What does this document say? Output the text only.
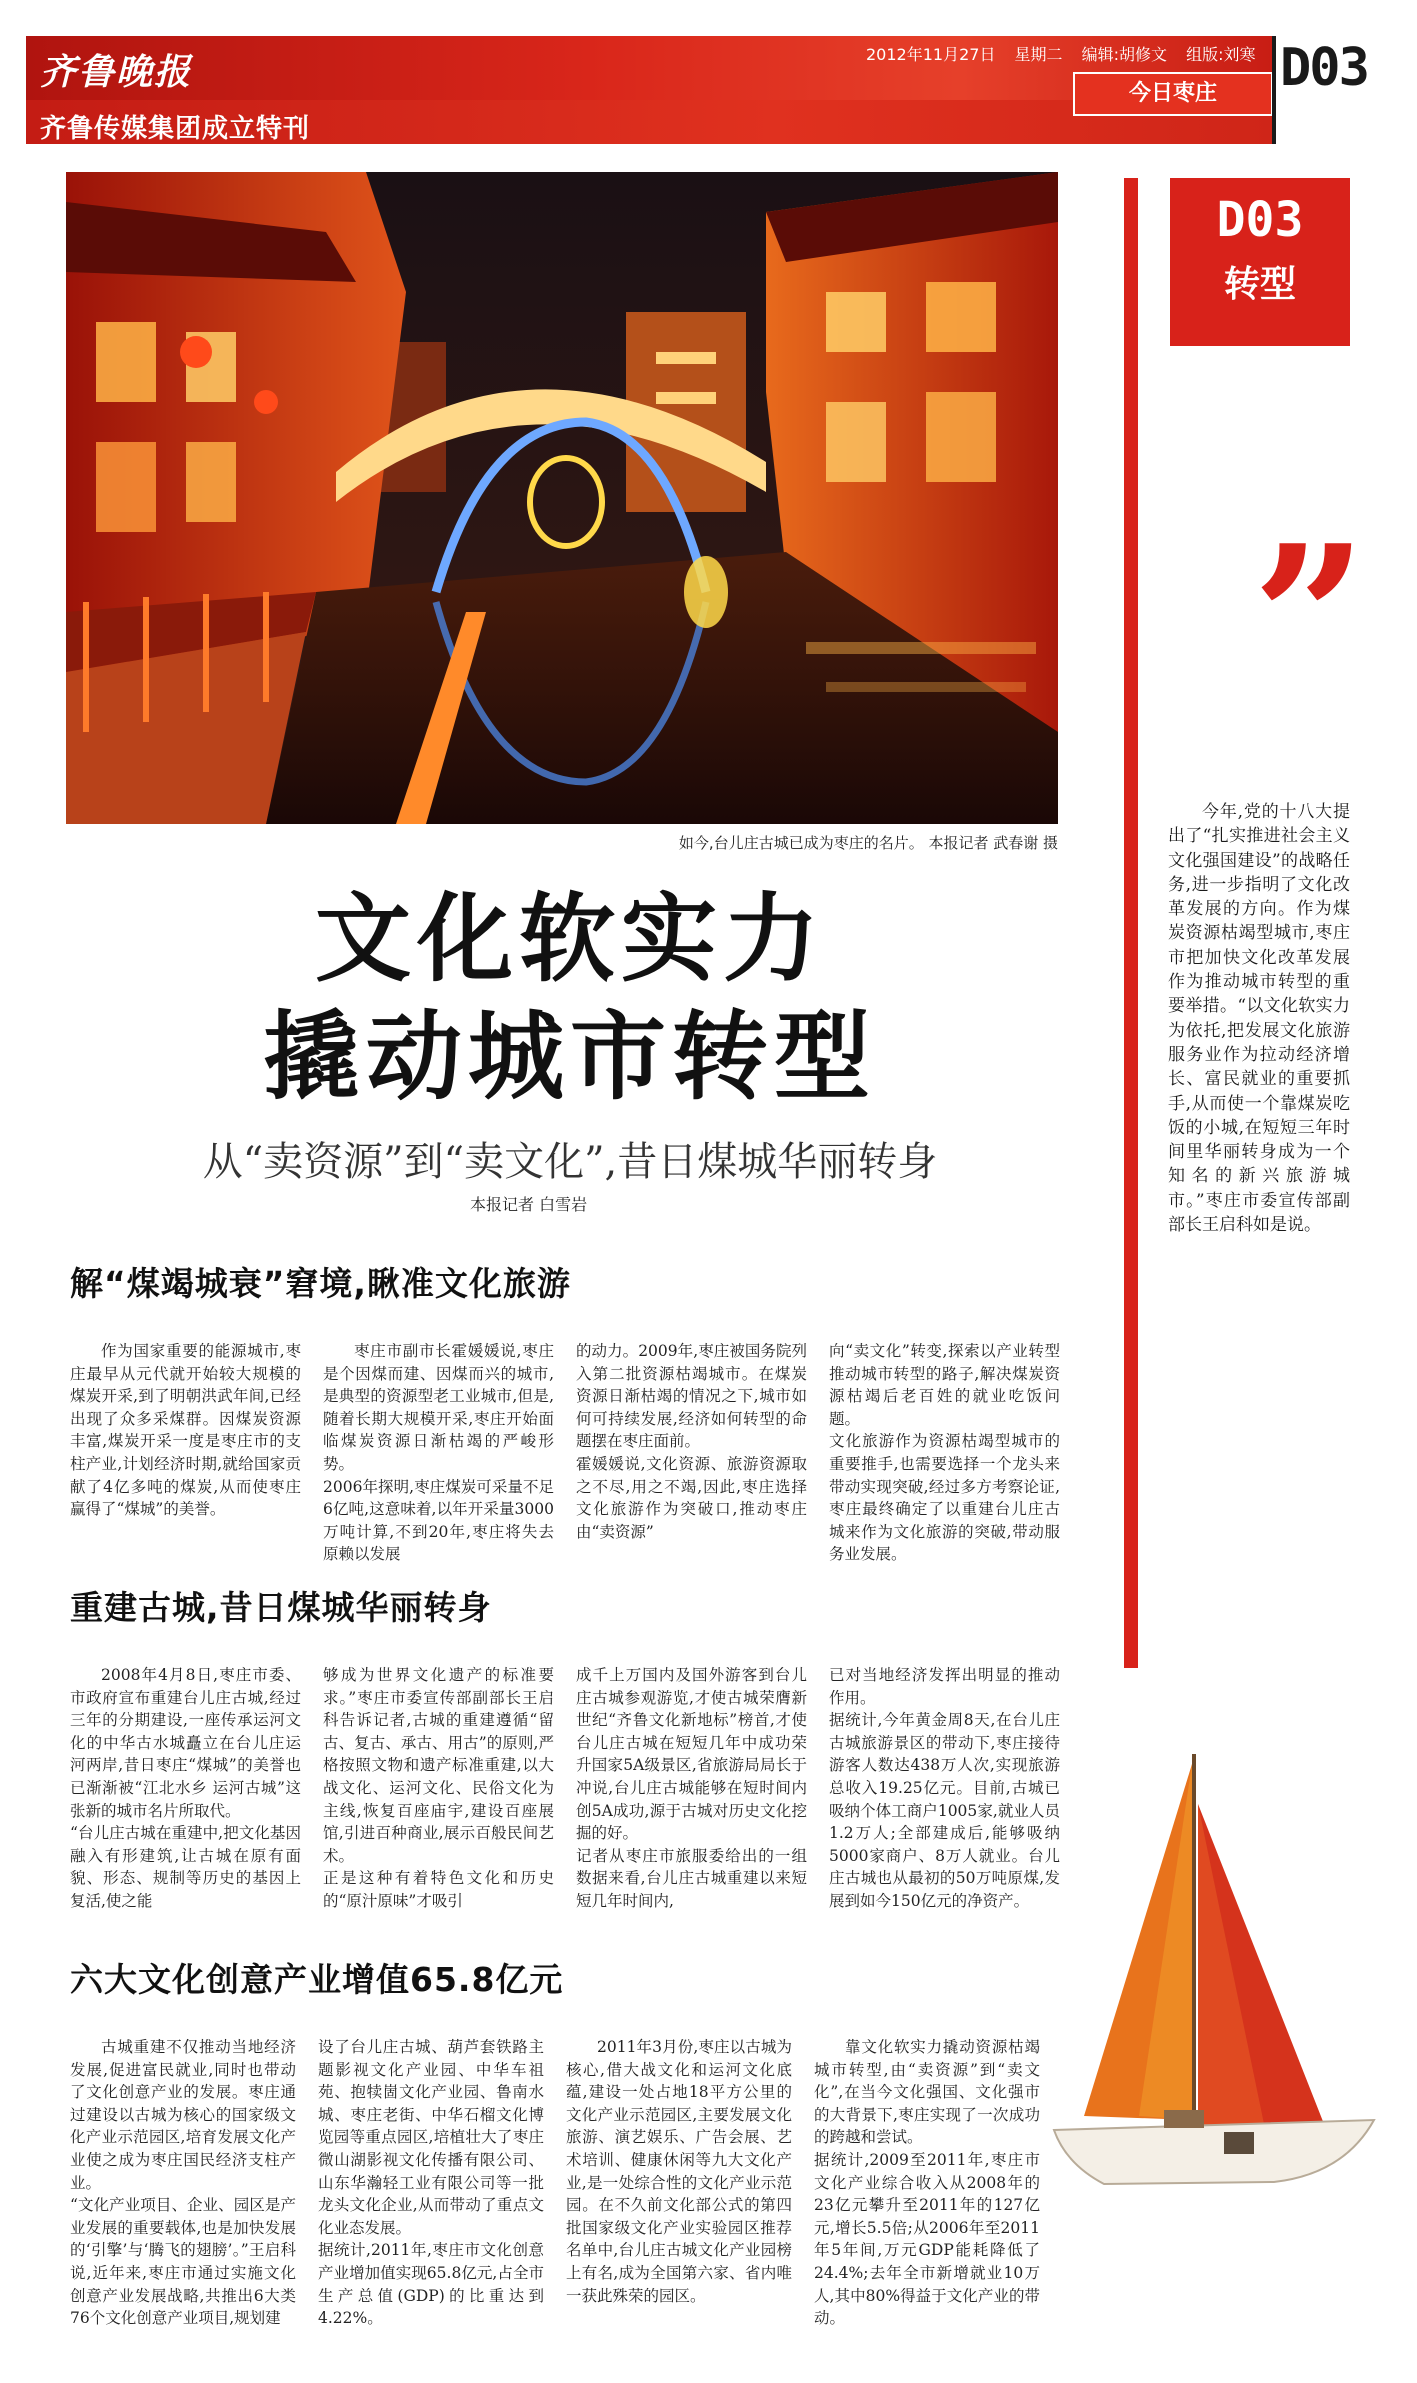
齐鲁晚报
齐鲁传媒集团成立特刊
2012年11月27日 星期二 编辑:胡修文 组版:刘寒
今日枣庄	D03
如今,台儿庄古城已成为枣庄的名片。 本报记者 武春谢 摄
文化软实力
撬动城市转型
从“卖资源”到“卖文化”,昔日煤城华丽转身
本报记者 白雪岩
解“煤竭城衰”窘境,瞅准文化旅游

作为国家重要的能源城市,枣庄最早从元代就开始较大规模的煤炭开采,到了明朝洪武年间,已经出现了众多采煤群。因煤炭资源丰富,煤炭开采一度是枣庄市的支柱产业,计划经济时期,就给国家贡献了4亿多吨的煤炭,从而使枣庄赢得了“煤城”的美誉。

枣庄市副市长霍媛媛说,枣庄是个因煤而建、因煤而兴的城市,是典型的资源型老工业城市,但是,随着长期大规模开采,枣庄开始面临煤炭资源日渐枯竭的严峻形势。
2006年探明,枣庄煤炭可采量不足6亿吨,这意味着,以年开采量3000万吨计算,不到20年,枣庄将失去原赖以发展

的动力。2009年,枣庄被国务院列入第二批资源枯竭城市。在煤炭资源日渐枯竭的情况之下,城市如何可持续发展,经济如何转型的命题摆在枣庄面前。
霍媛媛说,文化资源、旅游资源取之不尽,用之不竭,因此,枣庄选择文化旅游作为突破口,推动枣庄由“卖资源”

向“卖文化”转变,探索以产业转型推动城市转型的路子,解决煤炭资源枯竭后老百姓的就业吃饭问题。
文化旅游作为资源枯竭型城市的重要推手,也需要选择一个龙头来带动实现突破,经过多方考察论证,枣庄最终确定了以重建台儿庄古城来作为文化旅游的突破,带动服务业发展。

重建古城,昔日煤城华丽转身

2008年4月8日,枣庄市委、市政府宣布重建台儿庄古城,经过三年的分期建设,一座传承运河文化的中华古水城矗立在台儿庄运河两岸,昔日枣庄“煤城”的美誉也已渐渐被“江北水乡 运河古城”这张新的城市名片所取代。
“台儿庄古城在重建中,把文化基因融入有形建筑,让古城在原有面貌、形态、规制等历史的基因上复活,使之能

够成为世界文化遗产的标准要求。”枣庄市委宣传部副部长王启科告诉记者,古城的重建遵循“留古、复古、承古、用古”的原则,严格按照文物和遗产标准重建,以大战文化、运河文化、民俗文化为主线,恢复百座庙宇,建设百座展馆,引进百种商业,展示百般民间艺术。
正是这种有着特色文化和历史的“原汁原味”才吸引

成千上万国内及国外游客到台儿庄古城参观游览,才使古城荣膺新世纪“齐鲁文化新地标”榜首,才使台儿庄古城在短短几年中成功荣升国家5A级景区,省旅游局局长于冲说,台儿庄古城能够在短时间内创5A成功,源于古城对历史文化挖掘的好。
记者从枣庄市旅服委给出的一组数据来看,台儿庄古城重建以来短短几年时间内,

已对当地经济发挥出明显的推动作用。
据统计,今年黄金周8天,在台儿庄古城旅游景区的带动下,枣庄接待游客人数达438万人次,实现旅游总收入19.25亿元。目前,古城已吸纳个体工商户1005家,就业人员1.2万人;全部建成后,能够吸纳5000家商户、8万人就业。台儿庄古城也从最初的50万吨原煤,发展到如今150亿元的净资产。

六大文化创意产业增值65.8亿元

古城重建不仅推动当地经济发展,促进富民就业,同时也带动了文化创意产业的发展。枣庄通过建设以古城为核心的国家级文化产业示范园区,培育发展文化产业使之成为枣庄国民经济支柱产业。
“文化产业项目、企业、园区是产业发展的重要载体,也是加快发展的‘引擎’与‘腾飞的翅膀’。”王启科说,近年来,枣庄市通过实施文化创意产业发展战略,共推出6大类76个文化创意产业项目,规划建

设了台儿庄古城、葫芦套铁路主题影视文化产业园、中华车祖苑、抱犊崮文化产业园、鲁南水城、枣庄老街、中华石榴文化博览园等重点园区,培植壮大了枣庄微山湖影视文化传播有限公司、山东华瀚轻工业有限公司等一批龙头文化企业,从而带动了重点文化业态发展。
据统计,2011年,枣庄市文化创意产业增加值实现65.8亿元,占全市生产总值(GDP)的比重达到4.22%。

2011年3月份,枣庄以古城为核心,借大战文化和运河文化底蕴,建设一处占地18平方公里的文化产业示范园区,主要发展文化旅游、演艺娱乐、广告会展、艺术培训、健康休闲等九大文化产业,是一处综合性的文化产业示范园。在不久前文化部公式的第四批国家级文化产业实验园区推荐名单中,台儿庄古城文化产业园榜上有名,成为全国第六家、省内唯一获此殊荣的园区。

靠文化软实力撬动资源枯竭城市转型,由“卖资源”到“卖文化”,在当今文化强国、文化强市的大背景下,枣庄实现了一次成功的跨越和尝试。
据统计,2009至2011年,枣庄市文化产业综合收入从2008年的23亿元攀升至2011年的127亿元,增长5.5倍;从2006年至2011年5年间,万元GDP能耗降低了24.4%;去年全市新增就业10万人,其中80%得益于文化产业的带动。

D03
转型
”

今年,党的十八大提出了“扎实推进社会主义文化强国建设”的战略任务,进一步指明了文化改革发展的方向。作为煤炭资源枯竭型城市,枣庄市把加快文化改革发展作为推动城市转型的重要举措。“以文化软实力为依托,把发展文化旅游服务业作为拉动经济增长、富民就业的重要抓手,从而使一个靠煤炭吃饭的小城,在短短三年时间里华丽转身成为一个知名的新兴旅游城市。”枣庄市委宣传部副部长王启科如是说。
